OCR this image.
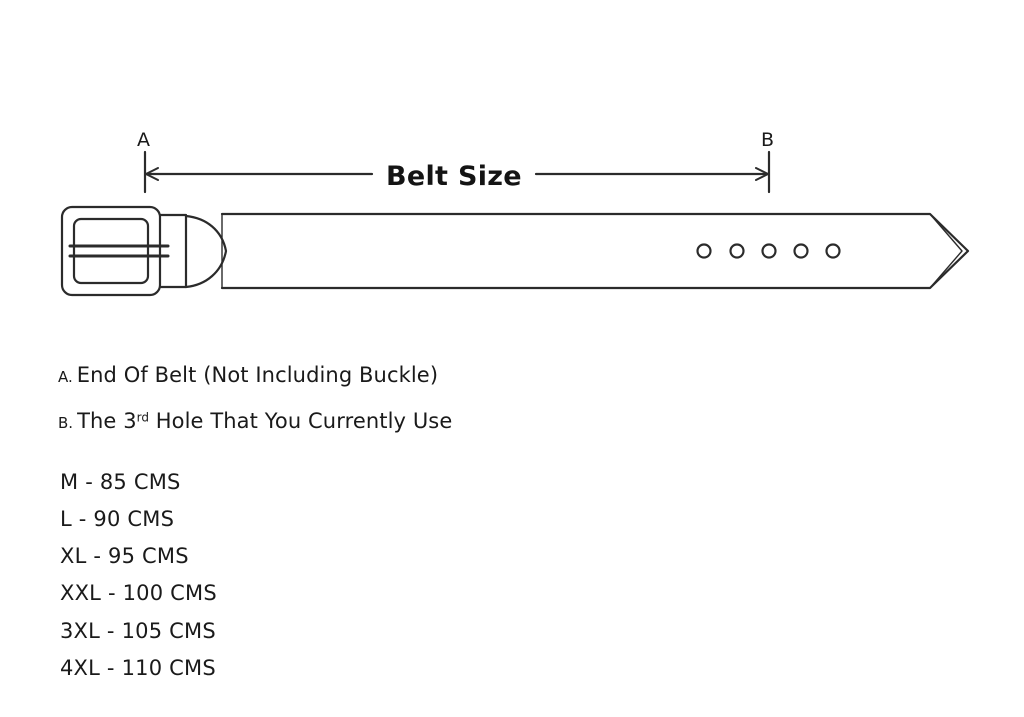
A	B
Belt Size
A. End Of Belt (Not Including Buckle)
B. The 3rd Hole That You Currently Use
M - 85 CMS
L - 90 CMS
XL - 95 CMS
XXL - 100 CMS
3XL - 105 CMS
4XL - 110 CMS
